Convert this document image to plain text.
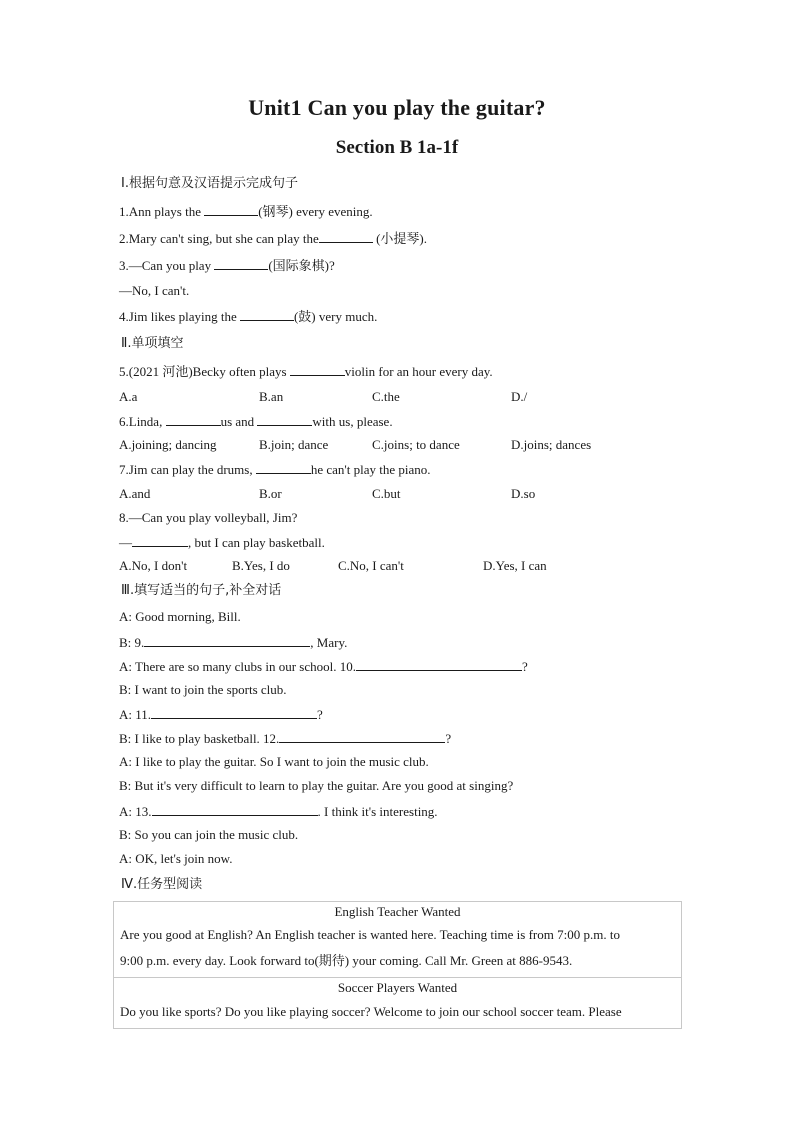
Unit1 Can you play the guitar?
Section B 1a-1f
Ⅰ.根据句意及汉语提示完成句子
1.Ann plays the	(钢琴) every evening.
2.Mary can't sing, but she can play the	(小提琴).
3.—Can you play	(国际象棋)?
—No, I can't.
4.Jim likes playing the	(鼓) very much.
Ⅱ.单项填空
5.(2021 河池)Becky often plays	violin for an hour every day.
A.a	B.an	C.the	D./
6.Linda,	us and	with us, please.
A.joining; dancing	B.join; dance	C.joins; to dance	D.joins; dances
7.Jim can play the drums,	he can't play the piano.
A.and	B.or	C.but	D.so
8.—Can you play volleyball, Jim?
—	, but I can play basketball.
A.No, I don't	B.Yes, I do	C.No, I can't	D.Yes, I can
Ⅲ.填写适当的句子,补全对话
A: Good morning, Bill.
B: 9.	, Mary.
A: There are so many clubs in our school. 10.	?
B: I want to join the sports club.
A: 11.	?
B: I like to play basketball. 12.	?
A: I like to play the guitar. So I want to join the music club.
B: But it's very difficult to learn to play the guitar. Are you good at singing?
A: 13.	. I think it's interesting.
B: So you can join the music club.
A: OK, let's join now.
Ⅳ.任务型阅读
English Teacher Wanted
Are you good at English? An English teacher is wanted here. Teaching time is from 7:00 p.m. to
9:00 p.m. every day. Look forward to(期待) your coming. Call Mr. Green at 886-9543.
Soccer Players Wanted
Do you like sports? Do you like playing soccer? Welcome to join our school soccer team. Please
